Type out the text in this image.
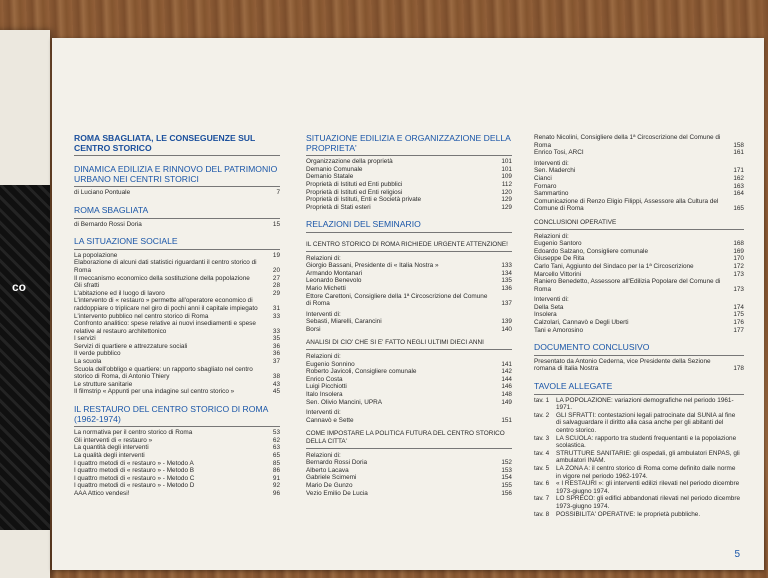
co
ROMA SBAGLIATA, LE CONSEGUENZE SUL CENTRO STORICO
DINAMICA EDILIZIA E RINNOVO DEL PATRIMONIO URBANO NEI CENTRI STORICI
di Luciano Pontuale	7
ROMA SBAGLIATA
di Bernardo Rossi Doria	15
LA SITUAZIONE SOCIALE
La popolazione	19
Elaborazione di alcuni dati statistici riguardanti il centro storico di Roma	20
Il meccanismo economico della sostituzione della popolazione	27
Gli sfratti	28
L'abitazione ed il luogo di lavoro	29
L'intervento di « restauro » permette all'operatore economico di raddoppiare o triplicare nel giro di pochi anni il capitale impiegato	31
L'intervento pubblico nel centro storico di Roma	33
Confronto analitico: spese relative ai nuovi insediamenti e spese relative al restauro architettonico	33
I servizi	35
Servizi di quartiere e attrezzature sociali	36
Il verde pubblico	36
La scuola	37
Scuola dell'obbligo e quartiere: un rapporto sbagliato nel centro storico di Roma, di Antonio Thiery	38
Le strutture sanitarie	43
Il filmstrip « Appunti per una indagine sul centro storico »	45
IL RESTAURO DEL CENTRO STORICO DI ROMA (1962-1974)
La normativa per il centro storico di Roma	53
Gli interventi di « restauro »	62
La quantità degli interventi	63
La qualità degli interventi	65
I quattro metodi di « restauro » - Metodo A	85
I quattro metodi di « restauro » - Metodo B	86
I quattro metodi di « restauro » - Metodo C	91
I quattro metodi di « restauro » - Metodo D	92
AAA Attico vendesi!	96
SITUAZIONE EDILIZIA E ORGANIZZAZIONE DELLA PROPRIETA'
Organizzazione della proprietà	101
Demanio Comunale	101
Demanio Statale	109
Proprietà di Istituti ed Enti pubblici	112
Proprietà di Istituti ed Enti religiosi	120
Proprietà di Istituti, Enti e Società private	129
Proprietà di Stati esteri	129
RELAZIONI DEL SEMINARIO
IL CENTRO STORICO DI ROMA RICHIEDE URGENTE ATTENZIONE!
Relazioni di:
Giorgio Bassani, Presidente di « Italia Nostra »	133
Armando Montanari	134
Leonardo Benevolo	135
Mario Michetti	136
Ettore Carettoni, Consigliere della 1ª Circoscrizione del Comune di Roma	137
Interventi di:
Sebasti, Miarelli, Carancini	139
Borsi	140
ANALISI DI CIO' CHE SI E' FATTO NEGLI ULTIMI DIECI ANNI
Relazioni di:
Eugenio Sonnino	141
Roberto Javicoli, Consigliere comunale	142
Enrico Costa	144
Luigi Picchiotti	146
Italo Insolera	148
Sen. Olivio Mancini, UPRA	149
Interventi di:
Cannavò e Sette	151
COME IMPOSTARE LA POLITICA FUTURA DEL CENTRO STORICO DELLA CITTA'
Relazioni di:
Bernardo Rossi Doria	152
Alberto Lacava	153
Gabriele Scimemi	154
Mario De Gunzo	155
Vezio Emilio De Lucia	156
Renato Nicolini, Consigliere della 1ª Circoscrizione del Comune di Roma	158
Enrico Tosi, ARCI	161
Interventi di:
Sen. Maderchi	171
Cianci	162
Fornaro	163
Sammartino	164
Comunicazione di Renzo Eligio Filippi, Assessore alla Cultura del Comune di Roma	165
CONCLUSIONI OPERATIVE
Relazioni di:
Eugenio Santoro	168
Edoardo Salzano, Consigliere comunale	169
Giuseppe De Rita	170
Carlo Tani, Aggiunto del Sindaco per la 1ª Circoscrizione	172
Marcello Vittorini	173
Raniero Benedetto, Assessore all'Edilizia Popolare del Comune di Roma	173
Interventi di:
Della Seta	174
Insolera	175
Calzolari, Cannavò e Degli Uberti	176
Tani e Amorosino	177
DOCUMENTO CONCLUSIVO
Presentato da Antonio Cederna, vice Presidente della Sezione romana di Italia Nostra	178
TAVOLE ALLEGATE
tav. 1	LA POPOLAZIONE: variazioni demografiche nel periodo 1961-1971.
tav. 2	GLI SFRATTI: contestazioni legali patrocinate dal SUNIA al fine di salvaguardare il diritto alla casa anche per gli abitanti del centro storico.
tav. 3	LA SCUOLA: rapporto tra studenti frequentanti e la popolazione scolastica.
tav. 4	STRUTTURE SANITARIE: gli ospedali, gli ambulatori ENPAS, gli ambulatori INAM.
tav. 5	LA ZONA A: il centro storico di Roma come definito dalle norme in vigore nel periodo 1962-1974.
tav. 6	« I RESTAURI »: gli interventi edilizi rilevati nel periodo dicembre 1973-giugno 1974.
tav. 7	LO SPRECO: gli edifici abbandonati rilevati nel periodo dicembre 1973-giugno 1974.
tav. 8	POSSIBILITA' OPERATIVE: le proprietà pubbliche.
5
